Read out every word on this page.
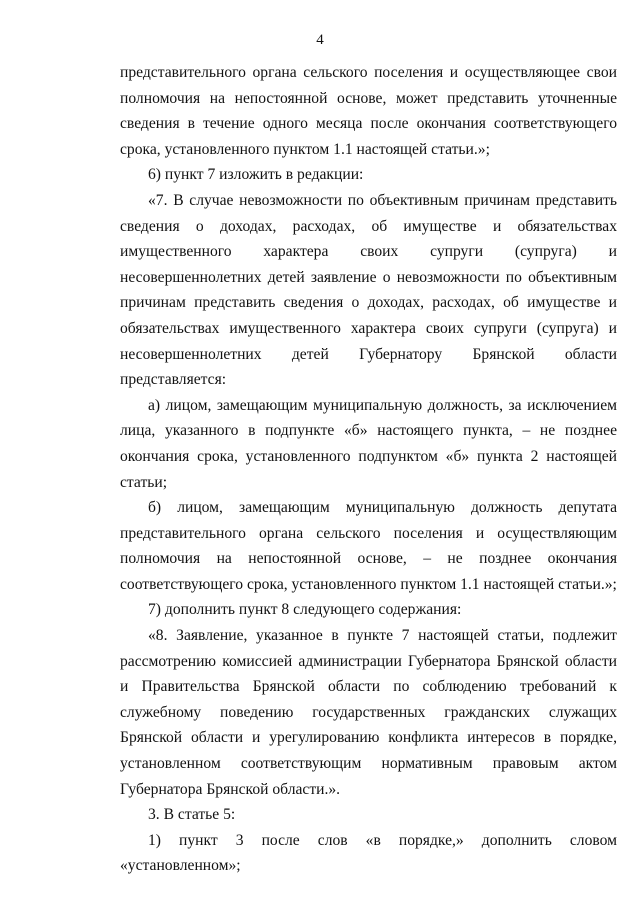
4

представительного органа сельского поселения и осуществляющее свои полномочия на непостоянной основе, может представить уточненные сведения в течение одного месяца после окончания соответствующего срока, установленного пунктом 1.1 настоящей статьи.»;

6) пункт 7 изложить в редакции:

«7. В случае невозможности по объективным причинам представить сведения о доходах, расходах, об имуществе и обязательствах имущественного характера своих супруги (супруга) и несовершеннолетних детей заявление о невозможности по объективным причинам представить сведения о доходах, расходах, об имуществе и обязательствах имущественного характера своих супруги (супруга) и несовершеннолетних детей Губернатору Брянской области представляется:

а) лицом, замещающим муниципальную должность, за исключением лица, указанного в подпункте «б» настоящего пункта, – не позднее окончания срока, установленного подпунктом «б» пункта 2 настоящей статьи;

б) лицом, замещающим муниципальную должность депутата представительного органа сельского поселения и осуществляющим полномочия на непостоянной основе, – не позднее окончания соответствующего срока, установленного пунктом 1.1 настоящей статьи.»;

7) дополнить пункт 8 следующего содержания:

«8. Заявление, указанное в пункте 7 настоящей статьи, подлежит рассмотрению комиссией администрации Губернатора Брянской области и Правительства Брянской области по соблюдению требований к служебному поведению государственных гражданских служащих Брянской области и урегулированию конфликта интересов в порядке, установленном соответствующим нормативным правовым актом Губернатора Брянской области.».

3. В статье 5:

1) пункт 3 после слов «в порядке,» дополнить словом «установленном»;
